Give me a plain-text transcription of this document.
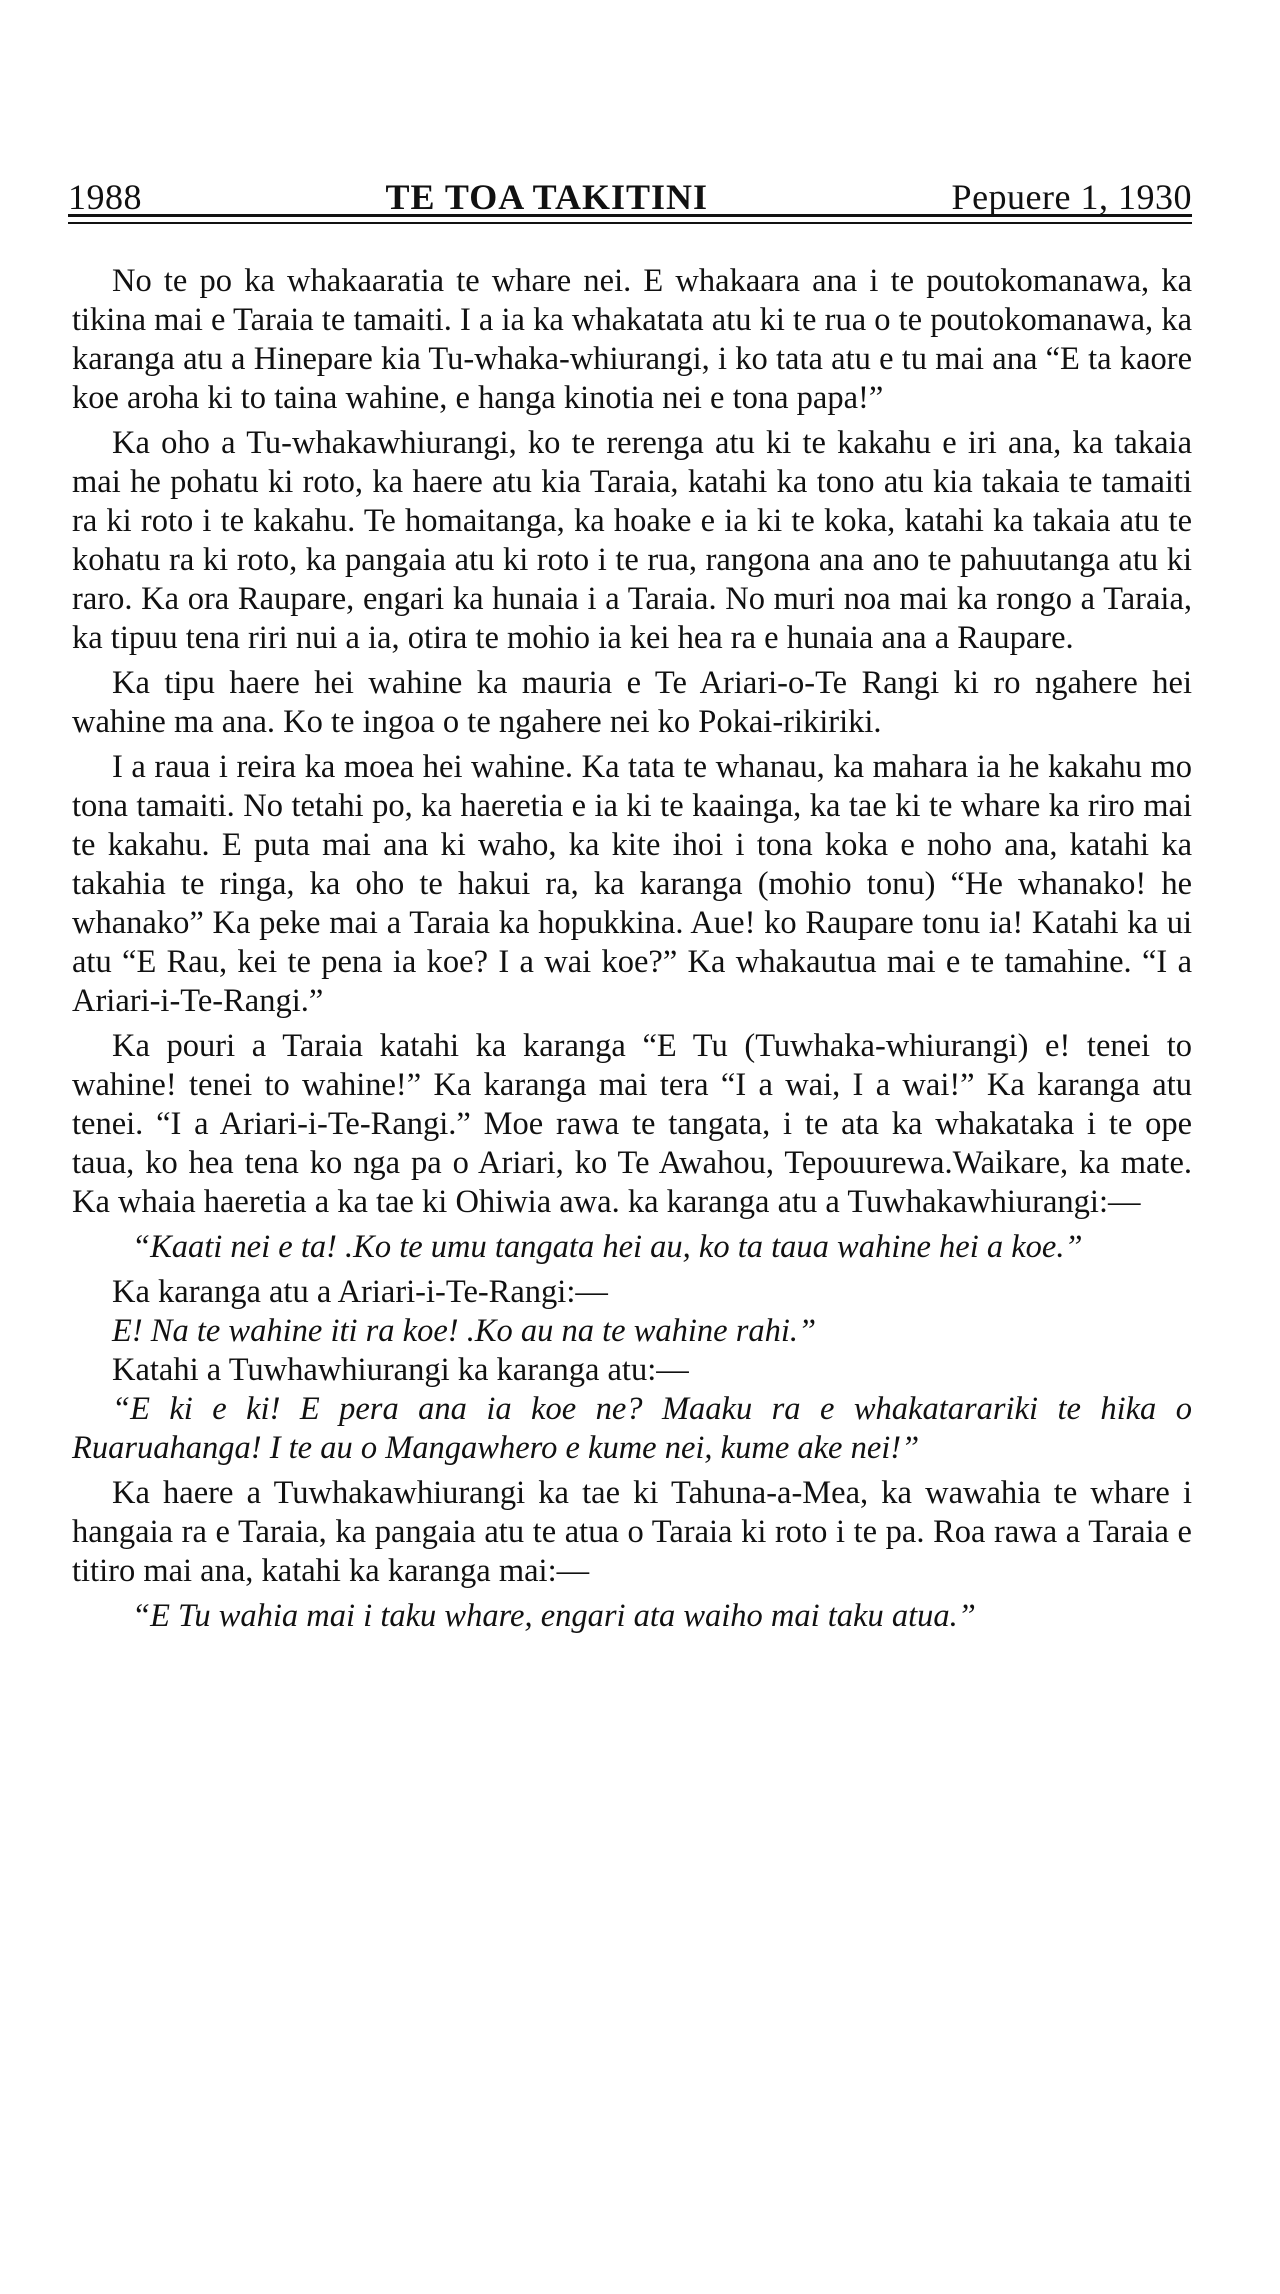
1988	TE TOA TAKITINI	Pepuere 1, 1930

No te po ka whakaaratia te whare nei. E whakaara ana i te poutokomanawa, ka tikina mai e Taraia te tamaiti. I a ia ka whakatata atu ki te rua o te poutokomanawa, ka karanga atu a Hinepare kia Tu-whaka-whiurangi, i ko tata atu e tu mai ana “E ta kaore koe aroha ki to taina wahine, e hanga kinotia nei e tona papa!”

Ka oho a Tu-whakawhiurangi, ko te rerenga atu ki te kakahu e iri ana, ka takaia mai he pohatu ki roto, ka haere atu kia Taraia, katahi ka tono atu kia takaia te tamaiti ra ki roto i te kakahu. Te homaitanga, ka hoake e ia ki te koka, katahi ka takaia atu te kohatu ra ki roto, ka pangaia atu ki roto i te rua, rangona ana ano te pahuutanga atu ki raro. Ka ora Raupare, engari ka hunaia i a Taraia. No muri noa mai ka rongo a Taraia, ka tipuu tena riri nui a ia, otira te mohio ia kei hea ra e hunaia ana a Raupare.

Ka tipu haere hei wahine ka mauria e Te Ariari-o-Te Rangi ki ro ngahere hei wahine ma ana. Ko te ingoa o te ngahere nei ko Pokai-rikiriki.

I a raua i reira ka moea hei wahine. Ka tata te whanau, ka mahara ia he kakahu mo tona tamaiti. No tetahi po, ka haeretia e ia ki te kaainga, ka tae ki te whare ka riro mai te kakahu. E puta mai ana ki waho, ka kite ihoi i tona koka e noho ana, katahi ka takahia te ringa, ka oho te hakui ra, ka karanga (mohio tonu) “He whanako! he whanako” Ka peke mai a Taraia ka hopukkina. Aue! ko Raupare tonu ia! Katahi ka ui atu “E Rau, kei te pena ia koe? I a wai koe?” Ka whakautua mai e te tamahine. “I a Ariari-i-Te-Rangi.”

Ka pouri a Taraia katahi ka karanga “E Tu (Tuwhaka-whiurangi) e! tenei to wahine! tenei to wahine!” Ka karanga mai tera “I a wai, I a wai!” Ka karanga atu tenei. “I a Ariari-i-Te-Rangi.” Moe rawa te tangata, i te ata ka whakataka i te ope taua, ko hea tena ko nga pa o Ariari, ko Te Awahou, Tepouurewa.Waikare, ka mate. Ka whaia haeretia a ka tae ki Ohiwia awa. ka karanga atu a Tuwhakawhiurangi:—

“Kaati nei e ta! .Ko te umu tangata hei au, ko ta taua wahine hei a koe.”

Ka karanga atu a Ariari-i-Te-Rangi:—

E! Na te wahine iti ra koe! .Ko au na te wahine rahi.”

Katahi a Tuwhawhiurangi ka karanga atu:—

“E ki e ki! E pera ana ia koe ne? Maaku ra e whakatarariki te hika o Ruaruahanga! I te au o Mangawhero e kume nei, kume ake nei!”

Ka haere a Tuwhakawhiurangi ka tae ki Tahuna-a-Mea, ka wawahia te whare i hangaia ra e Taraia, ka pangaia atu te atua o Taraia ki roto i te pa. Roa rawa a Taraia e titiro mai ana, katahi ka karanga mai:—

“E Tu wahia mai i taku whare, engari ata waiho mai taku atua.”
